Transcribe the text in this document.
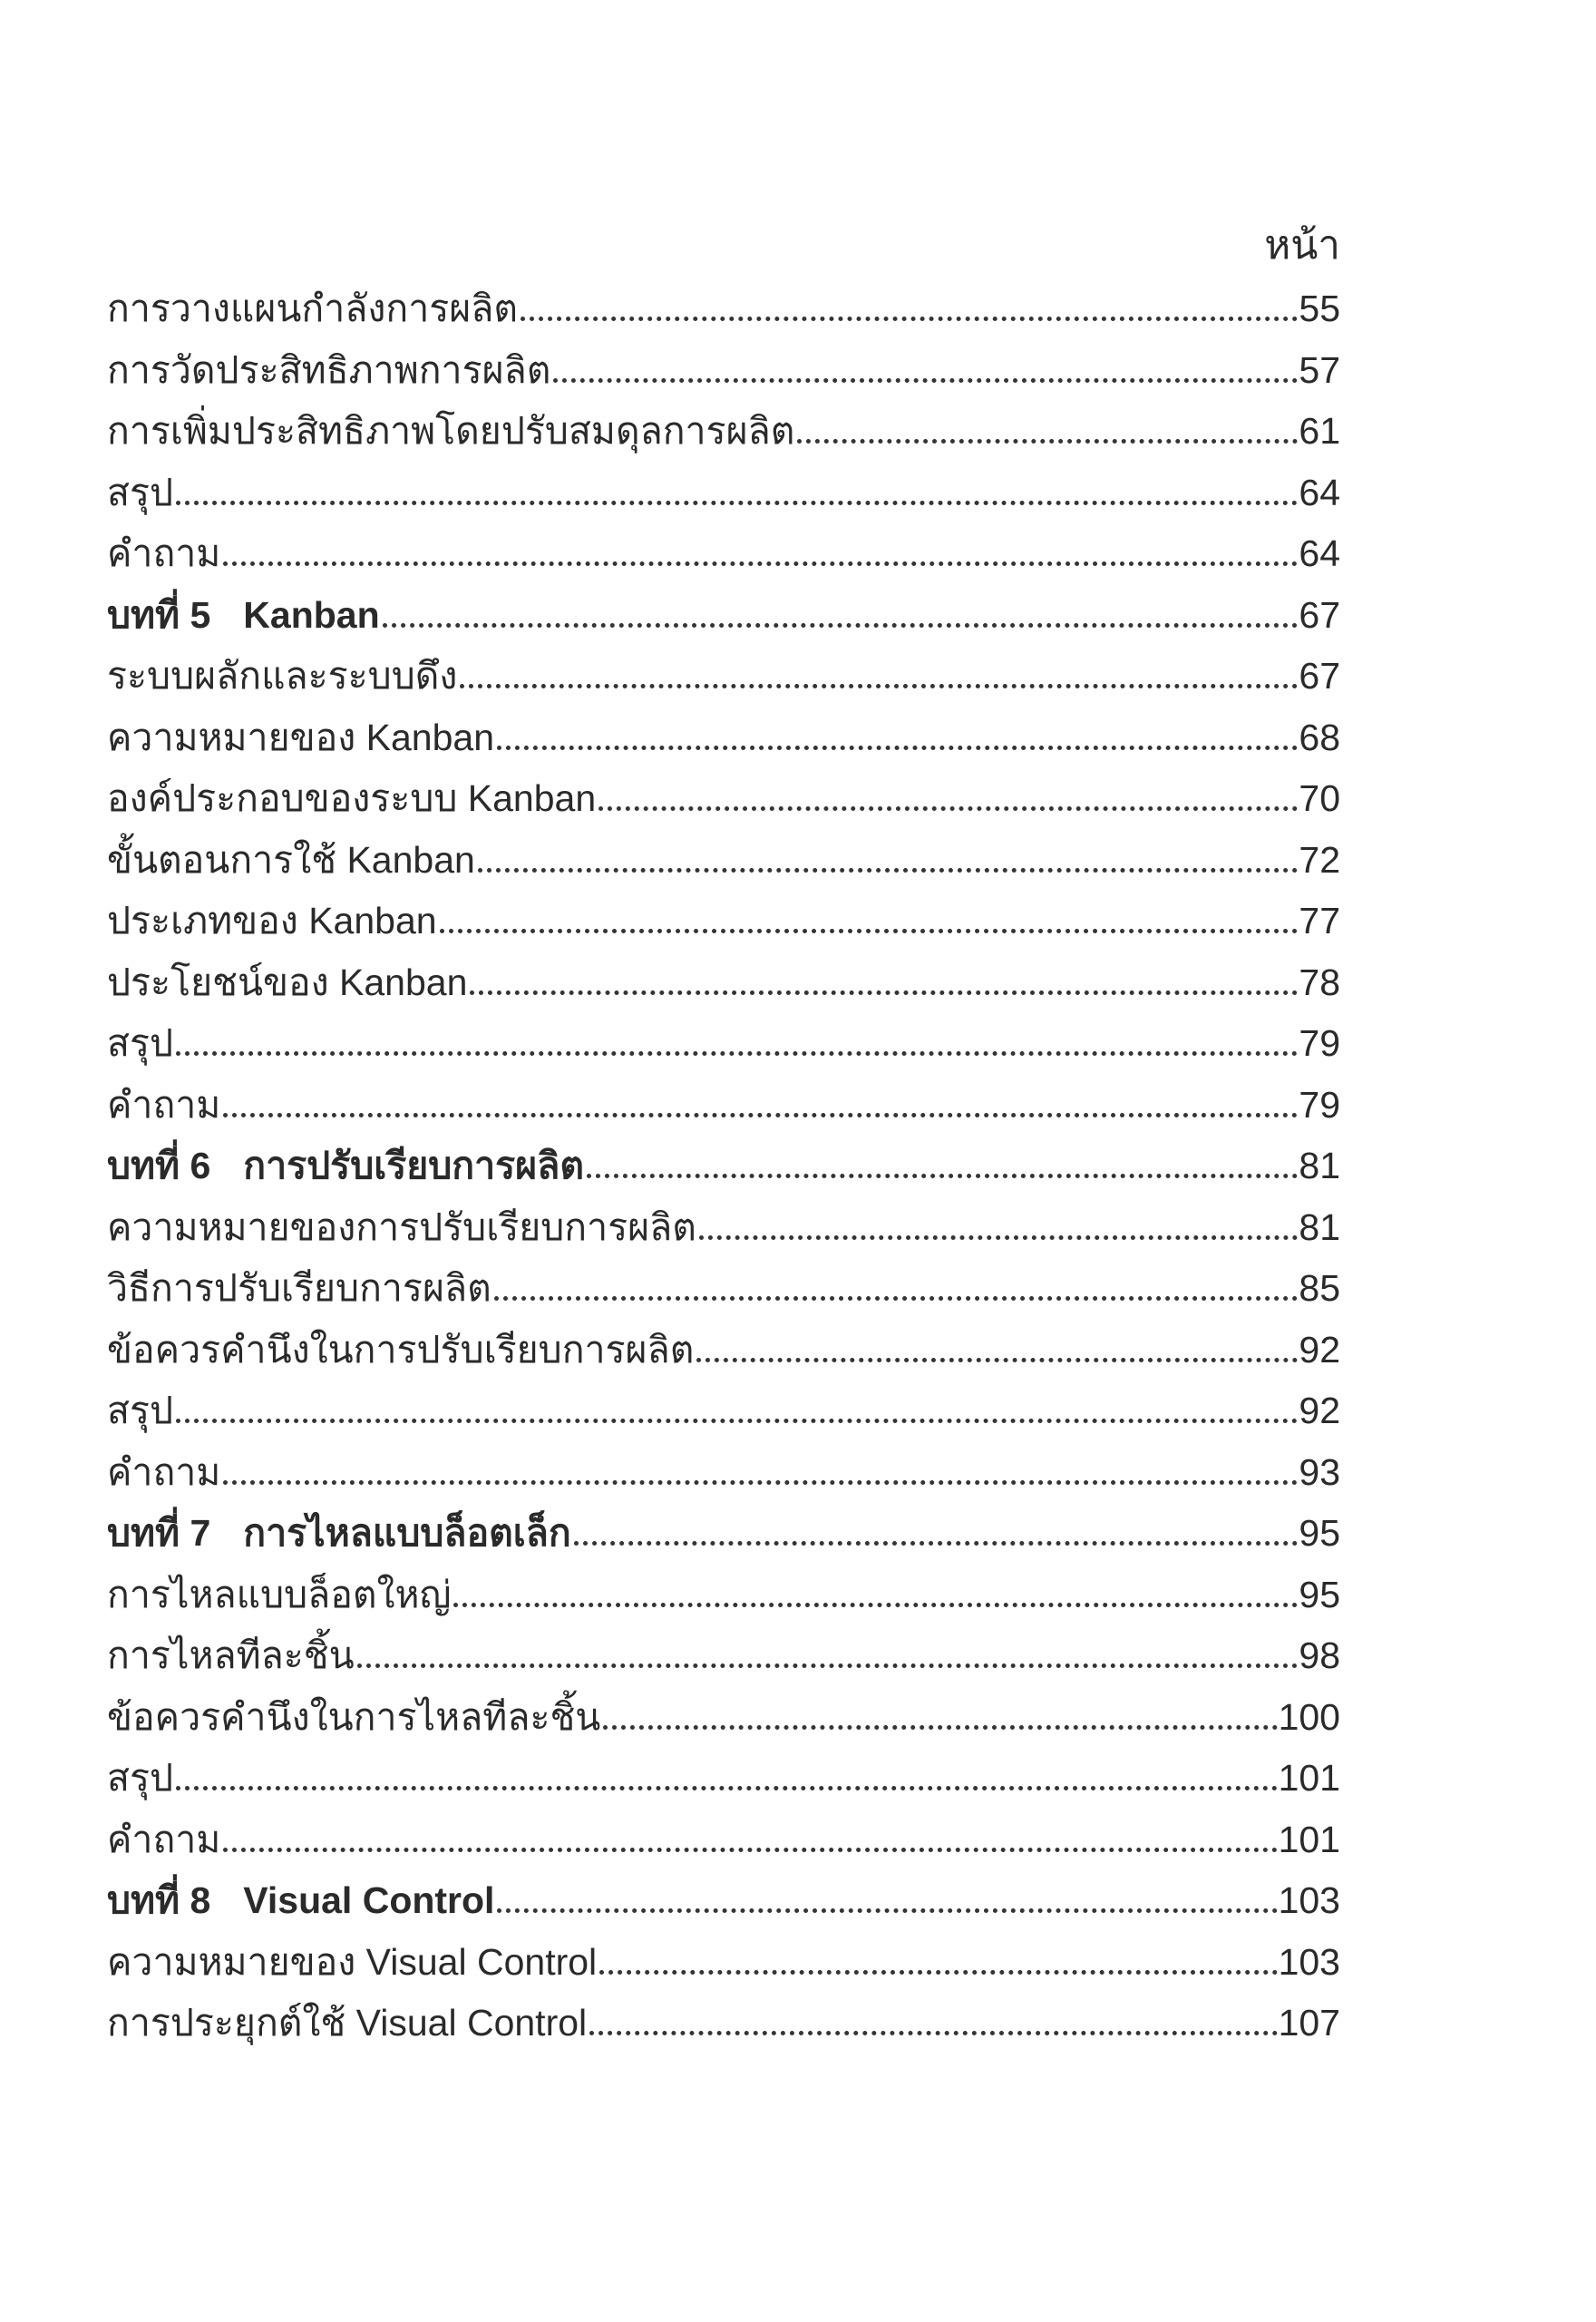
หน้า
การวางแผนกำลังการผลิต	55
การวัดประสิทธิภาพการผลิต	57
การเพิ่มประสิทธิภาพโดยปรับสมดุลการผลิต	61
สรุป	64
คำถาม	64
บทที่ 5 Kanban	67
ระบบผลักและระบบดึง	67
ความหมายของ Kanban	68
องค์ประกอบของระบบ Kanban	70
ขั้นตอนการใช้ Kanban	72
ประเภทของ Kanban	77
ประโยชน์ของ Kanban	78
สรุป	79
คำถาม	79
บทที่ 6 การปรับเรียบการผลิต	81
ความหมายของการปรับเรียบการผลิต	81
วิธีการปรับเรียบการผลิต	85
ข้อควรคำนึงในการปรับเรียบการผลิต	92
สรุป	92
คำถาม	93
บทที่ 7 การไหลแบบล็อตเล็ก	95
การไหลแบบล็อตใหญ่	95
การไหลทีละชิ้น	98
ข้อควรคำนึงในการไหลทีละชิ้น	100
สรุป	101
คำถาม	101
บทที่ 8 Visual Control	103
ความหมายของ Visual Control	103
การประยุกต์ใช้ Visual Control	107
